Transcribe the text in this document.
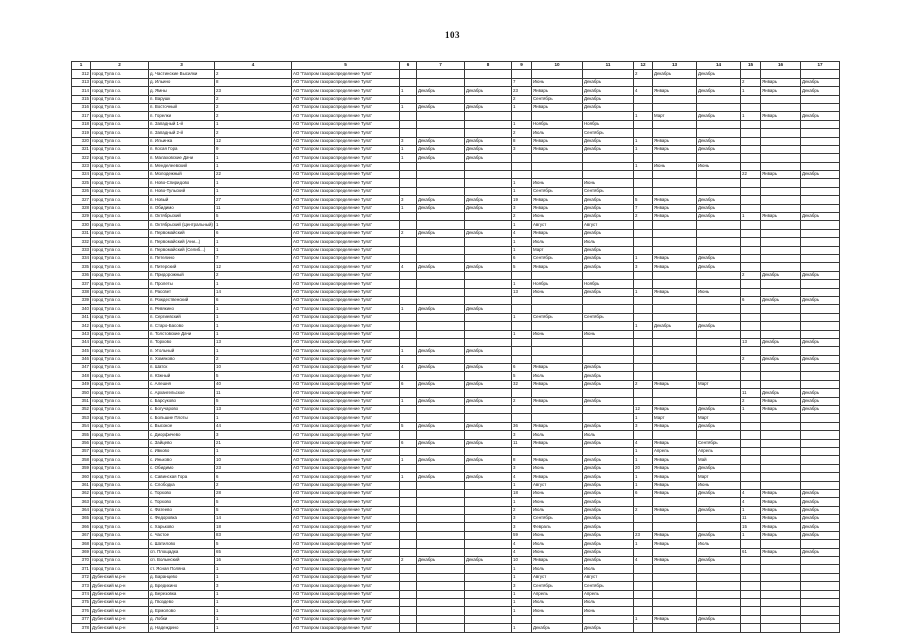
103
1	2	3	4	5	6	7	8	9	10	11	12	13	14	15	16	17
312	город Тула г.о.	д. Частинские Высилки	2	АО "Газпром газораспределение Тула"							2	Декабрь	Декабрь			
313	город Тула г.о.	д. Ильино	8	АО "Газпром газораспределение Тула"				7	Июнь	Декабрь				2	Январь	Декабрь
314	город Тула г.о.	д. Ямны	23	АО "Газпром газораспределение Тула"	1	Декабрь	Декабрь	23	Январь	Декабрь	4	Январь	Декабрь	1	Январь	Декабрь
315	город Тула г.о.	п. Варушк	2	АО "Газпром газораспределение Тула"				2	Сентябрь	Декабрь						
316	город Тула г.о.	п. Восточный	2	АО "Газпром газораспределение Тула"	1	Декабрь	Декабрь	1	Январь	Декабрь						
317	город Тула г.о.	п. Горелки	2	АО "Газпром газораспределение Тула"							1	Март	Декабрь	1	Январь	Декабрь
318	город Тула г.о.	п. Западный 1-й	1	АО "Газпром газораспределение Тула"				1	Ноябрь	Ноябрь						
319	город Тула г.о.	п. Западный 2-й	2	АО "Газпром газораспределение Тула"				2	Июль	Сентябрь						
320	город Тула г.о.	п. Ильинка	12	АО "Газпром газораспределение Тула"	3	Декабрь	Декабрь	8	Январь	Декабрь	1	Январь	Декабрь			
321	город Тула г.о.	п. Косая Гора	9	АО "Газпром газораспределение Тула"	1	Декабрь	Декабрь	3	Январь	Декабрь	1	Январь	Декабрь			
322	город Тула г.о.	п. Малаховские Дачи	1	АО "Газпром газораспределение Тула"	1	Декабрь	Декабрь									
323	город Тула г.о.	п. Менделеевский	1	АО "Газпром газораспределение Тула"							1	Июнь	Июнь			
324	город Тула г.о.	п. Молодежный	22	АО "Газпром газораспределение Тула"										22	Январь	Декабрь
325	город Тула г.о.	п. Ново-Спиридово	1	АО "Газпром газораспределение Тула"				1	Июнь	Июнь						
326	город Тула г.о.	п. Ново-Тульский	1	АО "Газпром газораспределение Тула"				1	Сентябрь	Сентябрь						
327	город Тула г.о.	п. Новый	27	АО "Газпром газораспределение Тула"	3	Декабрь	Декабрь	19	Январь	Декабрь	5	Январь	Декабрь			
328	город Тула г.о.	п. Обидимо	11	АО "Газпром газораспределение Тула"	1	Декабрь	Декабрь	3	Январь	Декабрь	7	Январь	Декабрь			
329	город Тула г.о.	п. Октябрьский	5	АО "Газпром газораспределение Тула"				2	Июнь	Декабрь	2	Январь	Декабрь	1	Январь	Декабрь
330	город Тула г.о.	п. Октябрьский (Центральный)	1	АО "Газпром газораспределение Тула"				1	Август	Август						
331	город Тула г.о.	п. Первомайский	6	АО "Газпром газораспределение Тула"	2	Декабрь	Декабрь	4	Январь	Декабрь						
332	город Тула г.о.	п. Первомайский (Ани...)	1	АО "Газпром газораспределение Тула"				1	Июль	Июль						
333	город Тула г.о.	п. Первомайский (Селиб...)	1	АО "Газпром газораспределение Тула"				1	Март	Декабрь						
334	город Тула г.о.	п. Петелино	7	АО "Газпром газораспределение Тула"				6	Сентябрь	Декабрь	1	Январь	Декабрь			
335	город Тула г.о.	п. Питерский	12	АО "Газпром газораспределение Тула"	4	Декабрь	Декабрь	5	Январь	Декабрь	3	Январь	Декабрь			
336	город Тула г.о.	п. Придорожный	2	АО "Газпром газораспределение Тула"										2	Декабрь	Декабрь
337	город Тула г.о.	п. Пролеты	1	АО "Газпром газораспределение Тула"				1	Ноябрь	Ноябрь						
338	город Тула г.о.	п. Рассвет	14	АО "Газпром газораспределение Тула"				13	Июнь	Декабрь	1	Январь	Июнь			
339	город Тула г.о.	п. Рождественский	6	АО "Газпром газораспределение Тула"										6	Декабрь	Декабрь
340	город Тула г.о.	п. Ревякино	1	АО "Газпром газораспределение Тула"	1	Декабрь	Декабрь									
341	город Тула г.о.	п. Сергиевский	1	АО "Газпром газораспределение Тула"				1	Сентябрь	Сентябрь						
342	город Тула г.о.	п. Старо-Басово	1	АО "Газпром газораспределение Тула"							1	Декабрь	Декабрь			
343	город Тула г.о.	п. Толстовские Дачи	1	АО "Газпром газораспределение Тула"				1	Июнь	Июнь						
344	город Тула г.о.	п. Торхово	13	АО "Газпром газораспределение Тула"										13	Декабрь	Декабрь
345	город Тула г.о.	п. Угольный	1	АО "Газпром газораспределение Тула"	1	Декабрь	Декабрь									
346	город Тула г.о.	п. Хомяково	2	АО "Газпром газораспределение Тула"										2	Декабрь	Декабрь
347	город Тула г.о.	п. Шатск	10	АО "Газпром газораспределение Тула"	4	Декабрь	Декабрь	6	Январь	Декабрь						
348	город Тула г.о.	п. Южный	5	АО "Газпром газораспределение Тула"				5	Июль	Декабрь						
349	город Тула г.о.	с. Алешня	40	АО "Газпром газораспределение Тула"	6	Декабрь	Декабрь	32	Январь	Декабрь	2	Январь	Март			
350	город Тула г.о.	с. Архангельское	11	АО "Газпром газораспределение Тула"										11	Декабрь	Декабрь
351	город Тула г.о.	с. Барсуково	5	АО "Газпром газораспределение Тула"	1	Декабрь	Декабрь	2	Январь	Декабрь				2	Январь	Декабрь
352	город Тула г.о.	с. Богучарово	13	АО "Газпром газораспределение Тула"							12	Январь	Декабрь	1	Январь	Декабрь
353	город Тула г.о.	с. Большие Плоты	1	АО "Газпром газораспределение Тула"							1	Март	Март			
354	город Тула г.о.	с. Высокое	44	АО "Газпром газораспределение Тула"	5	Декабрь	Декабрь	36	Январь	Декабрь	3	Январь	Декабрь			
355	город Тула г.о.	с. Диорфичево	3	АО "Газпром газораспределение Тула"				3	Июль	Июль						
356	город Тула г.о.	с. Зайцево	21	АО "Газпром газораспределение Тула"	6	Декабрь	Декабрь	11	Январь	Декабрь	4	Январь	Сентябрь			
357	город Тула г.о.	с. Ивково	1	АО "Газпром газораспределение Тула"							1	Апрель	Апрель			
358	город Тула г.о.	с. Иньково	10	АО "Газпром газораспределение Тула"	1	Декабрь	Декабрь	8	Январь	Декабрь	1	Январь	Май			
359	город Тула г.о.	с. Обидимо	23	АО "Газпром газораспределение Тула"				3	Июнь	Декабрь	20	Январь	Декабрь			
360	город Тула г.о.	с. Савинская Гора	6	АО "Газпром газораспределение Тула"	1	Декабрь	Декабрь	4	Январь	Декабрь	1	Январь	Март			
361	город Тула г.о.	с. Слободка	2	АО "Газпром газораспределение Тула"				1	Август	Декабрь	1	Январь	Июнь			
362	город Тула г.о.	с. Торхово	28	АО "Газпром газораспределение Тула"				18	Июнь	Декабрь	6	Январь	Декабрь	4	Январь	Декабрь
363	город Тула г.о.	с. Торхово	5	АО "Газпром газораспределение Тула"				1	Июнь	Декабрь				4	Январь	Декабрь
364	город Тула г.о.	с. Фатеево	5	АО "Газпром газораспределение Тула"				2	Июль	Декабрь	2	Январь	Декабрь	1	Январь	Декабрь
365	город Тула г.о.	с. Федоровка	14	АО "Газпром газораспределение Тула"				3	Сентябрь	Декабрь				11	Январь	Декабрь
366	город Тула г.о.	с. Харьково	18	АО "Газпром газораспределение Тула"				3	Февраль	Декабрь				15	Январь	Декабрь
367	город Тула г.о.	с. Частое	83	АО "Газпром газораспределение Тула"				59	Июнь	Декабрь	23	Январь	Декабрь	1	Январь	Декабрь
368	город Тула г.о.	с. Шатилово	5	АО "Газпром газораспределение Тула"				4	Июль	Декабрь	1	Январь	Июль			
369	город Тула г.о.	сп. Площадка	65	АО "Газпром газораспределение Тула"				4	Июнь	Декабрь				61	Январь	Декабрь
370	город Тула г.о.	сп. Волынский	16	АО "Газпром газораспределение Тула"	2	Декабрь	Декабрь	10	Январь	Декабрь	4	Январь	Декабрь			
371	город Тула г.о.	ст. Ясная Поляна	1	АО "Газпром газораспределение Тула"				1	Июль	Июль						
372	Дубенский м.р-н	д. Баранцево	1	АО "Газпром газораспределение Тула"				1	Август	Август						
373	Дубенский м.р-н	д. Бредихино	3	АО "Газпром газораспределение Тула"				3	Сентябрь	Сентябрь						
374	Дубенский м.р-н	д. Березовка	1	АО "Газпром газораспределение Тула"				1	Апрель	Апрель						
375	Дубенский м.р-н	д. Гвоздево	1	АО "Газпром газораспределение Тула"				1	Июль	Июль						
376	Дубенский м.р-н	д. Ермолово	1	АО "Газпром газораспределение Тула"				1	Июнь	Июнь						
377	Дубенский м.р-н	д. Лобки	1	АО "Газпром газораспределение Тула"							1	Январь	Декабрь			
378	Дубенский м.р-н	д. Надеждино	1	АО "Газпром газораспределение Тула"				1	Декабрь	Декабрь						
